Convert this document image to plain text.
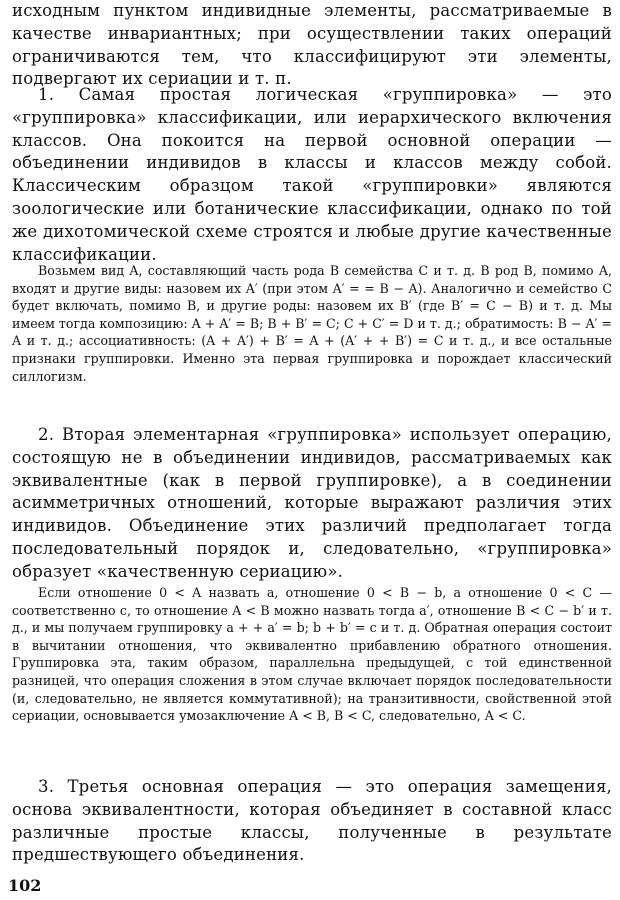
исходным пунктом индивидные элементы, рассматриваемые в качестве инвариантных; при осуществлении таких операций ограничиваются тем, что классифицируют эти элементы, подвергают их сериации и т. п.

1. Самая простая логическая «группировка» — это «группировка» классификации, или иерархического включения классов. Она покоится на первой основной операции — объединении индивидов в классы и классов между собой. Классическим образцом такой «группировки» являются зоологические или ботанические классификации, однако по той же дихотомической схеме строятся и любые другие качественные классификации.

Возьмем вид A, составляющий часть рода B семейства C и т. д. В род B, помимо A, входят и другие виды: назовем их A′ (при этом A′ = = B − A). Аналогично и семейство C будет включать, помимо B, и другие роды: назовем их B′ (где B′ = C − B) и т. д. Мы имеем тогда композицию: A + A′ = B; B + B′ = C; C + C′ = D и т. д.; обратимость: B − A′ = A и т. д.; ассоциативность: (A + A′) + B′ = A + (A′ + + B′) = C и т. д., и все остальные признаки группировки. Именно эта первая группировка и порождает классический силлогизм.

2. Вторая элементарная «группировка» использует операцию, состоящую не в объединении индивидов, рассматриваемых как эквивалентные (как в первой группировке), а в соединении асимметричных отношений, которые выражают различия этих индивидов. Объединение этих различий предполагает тогда последовательный порядок и, следовательно, «группировка» образует «качественную сериацию».

Если отношение 0 < A назвать a, отношение 0 < B − b, а отношение 0 < C — соответственно c, то отношение A < B можно назвать тогда a′, отношение B < C − b′ и т. д., и мы получаем группировку a + + a′ = b; b + b′ = c и т. д. Обратная операция состоит в вычитании отношения, что эквивалентно прибавлению обратного отношения. Группировка эта, таким образом, параллельна предыдущей, с той единственной разницей, что операция сложения в этом случае включает порядок последовательности (и, следовательно, не является коммутативной); на транзитивности, свойственной этой сериации, основывается умозаключение A < B, B < C, следовательно, A < C.

3. Третья основная операция — это операция замещения, основа эквивалентности, которая объединяет в составной класс различные простые классы, полученные в результате предшествующего объединения.

102
